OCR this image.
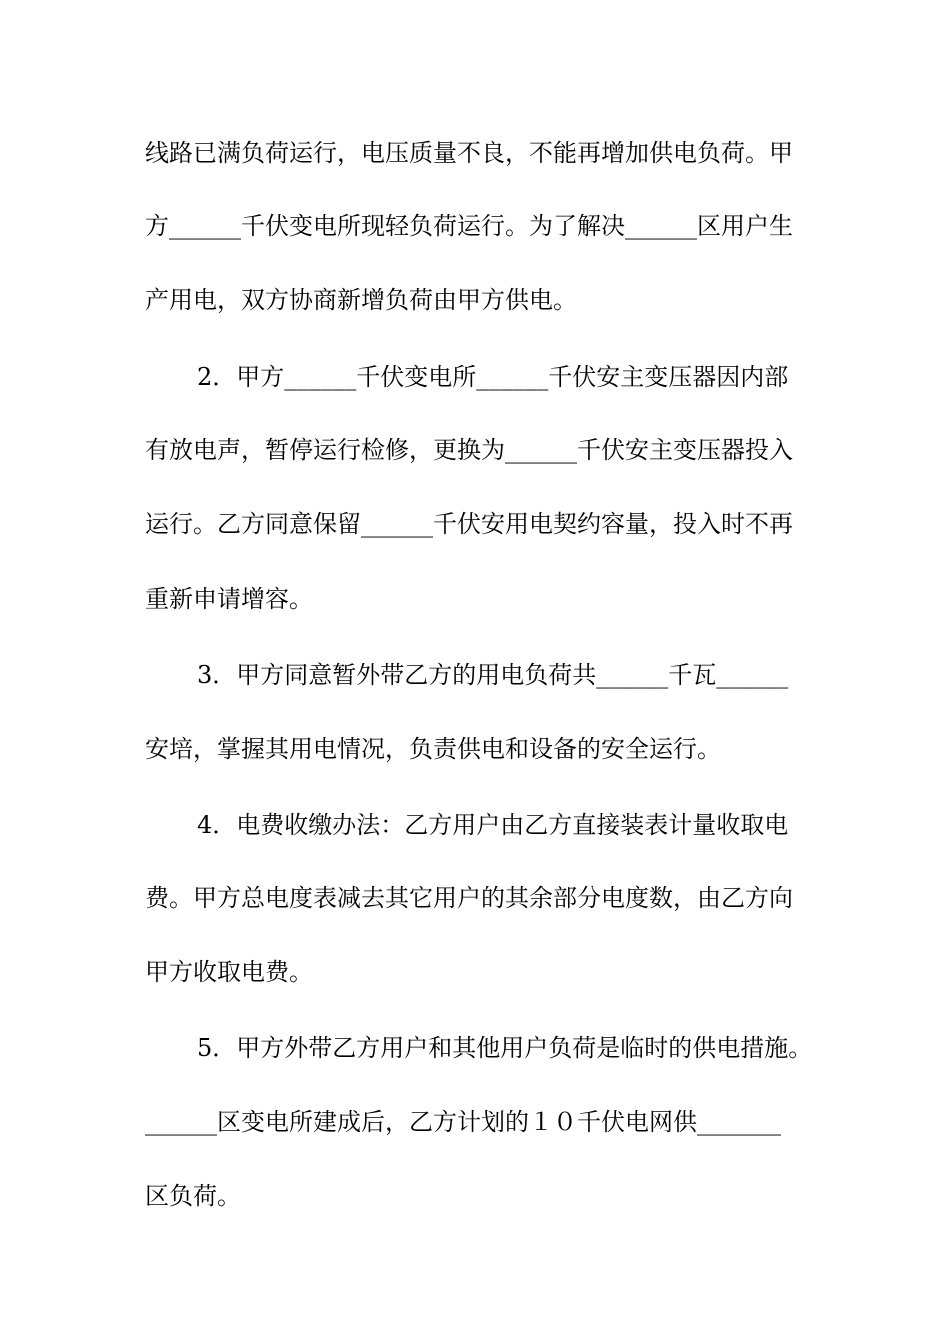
线路已满负荷运行，电压质量不良，不能再增加供电负荷。甲
方______千伏变电所现轻负荷运行。为了解决______区用户生
产用电，双方协商新增负荷由甲方供电。
2．甲方______千伏变电所______千伏安主变压器因内部
有放电声，暂停运行检修，更换为______千伏安主变压器投入
运行。乙方同意保留______千伏安用电契约容量，投入时不再
重新申请增容。
3．甲方同意暂外带乙方的用电负荷共______千瓦______
安培，掌握其用电情况，负责供电和设备的安全运行。
4．电费收缴办法：乙方用户由乙方直接装表计量收取电
费。甲方总电度表减去其它用户的其余部分电度数，由乙方向
甲方收取电费。
5．甲方外带乙方用户和其他用户负荷是临时的供电措施。
______区变电所建成后，乙方计划的１０千伏电网供_______
区负荷。
